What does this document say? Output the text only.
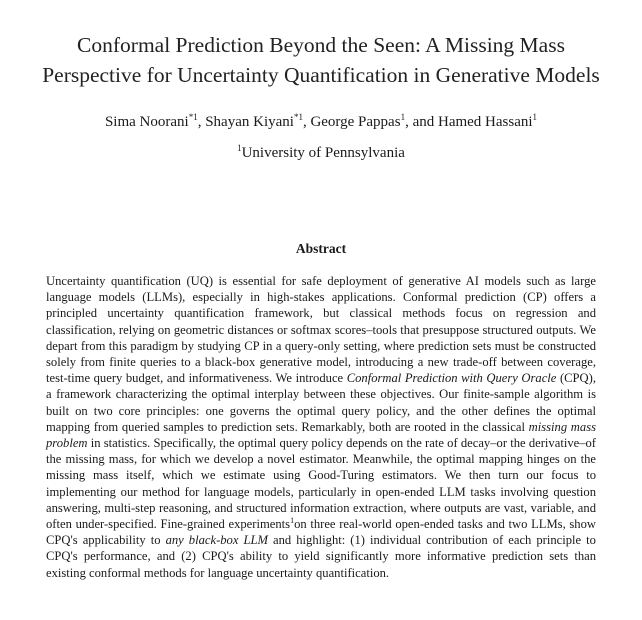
Conformal Prediction Beyond the Seen: A Missing Mass
Perspective for Uncertainty Quantification in Generative Models
Sima Noorani$^{*1}$, Shayan Kiyani$^{*1}$, George Pappas$^1$, and Hamed Hassani$^1$
$^1$University of Pennsylvania
Abstract

Uncertainty quantification (UQ) is essential for safe deployment of generative AI models such as large language models (LLMs), especially in high-stakes applications. Conformal prediction (CP) offers a principled uncertainty quantification framework, but classical methods focus on regression and classification, relying on geometric distances or softmax scores–tools that presuppose structured outputs. We depart from this paradigm by studying CP in a query-only setting, where prediction sets must be constructed solely from finite queries to a black-box generative model, introducing a new trade-off between coverage, test-time query budget, and informativeness. We introduce Conformal Prediction with Query Oracle (CPQ), a framework characterizing the optimal interplay between these objectives. Our finite-sample algorithm is built on two core principles: one governs the optimal query policy, and the other defines the optimal mapping from queried samples to prediction sets. Remarkably, both are rooted in the classical missing mass problem in statistics. Specifically, the optimal query policy depends on the rate of decay–or the derivative–of the missing mass, for which we develop a novel estimator. Meanwhile, the optimal mapping hinges on the missing mass itself, which we estimate using Good-Turing estimators. We then turn our focus to implementing our method for language models, particularly in open-ended LLM tasks involving question answering, multi-step reasoning, and structured information extraction, where outputs are vast, variable, and often under-specified. Fine-grained experiments$^1$on three real-world open-ended tasks and two LLMs, show CPQ's applicability to any black-box LLM and highlight: (1) individual contribution of each principle to CPQ's performance, and (2) CPQ's ability to yield significantly more informative prediction sets than existing conformal methods for language uncertainty quantification.
